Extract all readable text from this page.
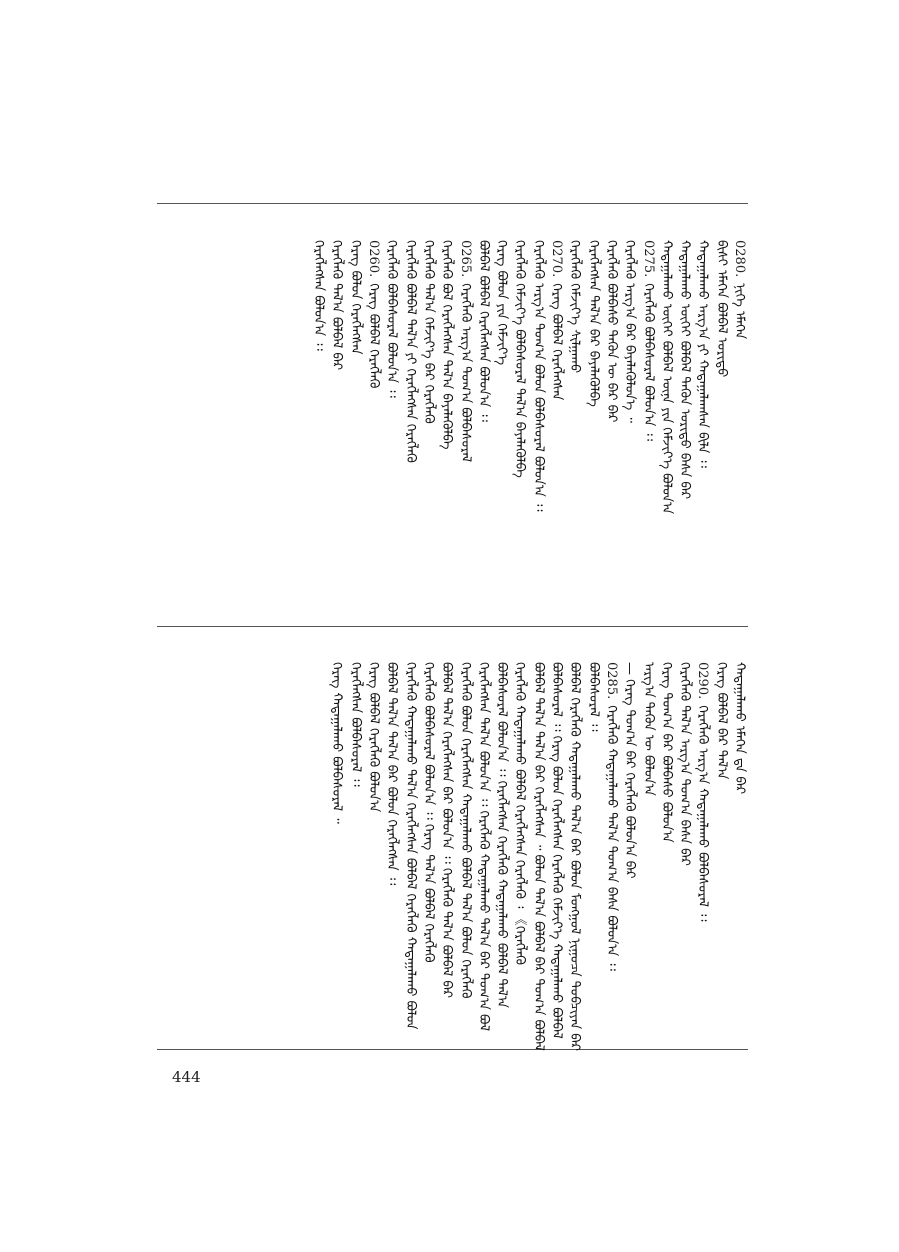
0280.ᠨᠢᠭᠡ ᠡᠮᠡᠭᠡᠨ
ᠪᠢᠰᠢ ᠡᠮᠡᠭᠡᠨ ᠪᠣᠯᠪᠠᠯ ᠤᠷᠢᠳᠤ
ᠬᠠᠳᠠᠭᠠᠯᠠᠬᠤ ᠠᠷᠭ᠎ᠠ ᠶᠢ ᠬᠠᠳᠠᠭᠠᠯᠠᠭᠰᠠᠨ ᠪᠢᠯᠡ ᠄᠄
ᠬᠠᠳᠠᠭᠠᠯᠠᠬᠤ ᠦᠭᠡᠢ ᠪᠣᠯᠪᠠᠯ ᠲᠡᠭᠦᠨ ᠤᠷᠢᠳᠤ ᠪᠠᠰᠠ ᠪᠡᠷ
ᠬᠠᠳᠠᠭᠠᠯᠠᠬᠤ ᠦᠭᠡᠢ ᠪᠣᠯᠪᠠᠯ ᠦᠨᠡ ᠶᠢᠨ ᠬᠡᠮᠵᠢᠶ᠎ᠡ ᠪᠣᠯᠤᠨ᠎ᠠ
0275.ᠬᠡᠷᠡᠭᠯᠡᠬᠦ ᠪᠣᠯᠪᠠᠰᠤᠷᠠᠯ ᠪᠣᠯᠤᠨ᠎ᠠ ᠄᠄
ᠬᠡᠷᠡᠭᠯᠡᠬᠦ ᠠᠷᠭ᠎ᠠ ᠪᠠᠷ ᠪᠡᠶᠡᠯᠡᠭᠦᠯᠦᠨ᠎ᠡ ᠃
ᠬᠡᠷᠡᠭᠯᠡᠬᠦ ᠪᠣᠯᠪᠠᠰᠤ ᠲᠡᠭᠦᠨ ᠦ ᠪᠠᠷ ᠪᠡᠷ
ᠬᠡᠷᠡᠭᠯᠡᠭᠰᠡᠨ ᠲᠠᠯ᠎ᠠ ᠪᠠᠷ ᠪᠡᠶᠡᠯᠡᠭᠦᠯᠪᠡ
ᠬᠡᠷᠡᠭᠯᠡᠬᠦ ᠬᠡᠮᠵᠢᠶ᠎ᠡ ᠰᠢᠯᠭᠠᠬᠤ
0270.ᠬᠡᠷᠡᠭ ᠪᠣᠯᠪᠠᠯ ᠬᠡᠷᠡᠭᠯᠡᠭᠰᠡᠨ
ᠬᠡᠷᠡᠭᠯᠡᠬᠦ ᠠᠷᠭ᠎ᠠ ᠲᠣᠭ᠎ᠠ ᠪᠣᠯᠤᠨ ᠪᠣᠯᠪᠠᠰᠤᠷᠠᠯ ᠪᠣᠯᠤᠨ᠎ᠠ ᠄᠄
ᠬᠡᠷᠡᠭᠯᠡᠬᠦ ᠬᠡᠮᠵᠢᠶ᠎ᠡ ᠪᠣᠯᠪᠠᠰᠤᠷᠠᠯ ᠲᠠᠯ᠎ᠠ ᠪᠡᠶᠡᠯᠡᠭᠦᠯᠪᠡ
ᠬᠡᠷᠡᠭ ᠪᠣᠯᠤᠨ ᠶᠢᠨ ᠬᠡᠮᠵᠢᠶ᠎ᠡ
ᠪᠣᠯᠪᠠᠯ ᠪᠣᠯᠪᠠᠯ ᠬᠡᠷᠡᠭᠯᠡᠭᠰᠡᠨ ᠪᠣᠯᠤᠨ᠎ᠠ ᠄᠄
0265.ᠬᠡᠷᠡᠭᠯᠡᠬᠦ ᠠᠷᠭ᠎ᠠ ᠲᠣᠭ᠎ᠠ ᠪᠣᠯᠪᠠᠰᠤᠷᠠᠯ
ᠬᠡᠷᠡᠭᠯᠡᠬᠦ ᠪᠣᠯ ᠬᠡᠷᠡᠭᠯᠡᠭᠰᠡᠨ ᠲᠠᠯ᠎ᠠ ᠪᠡᠶᠡᠯᠡᠭᠦᠯᠪᠡ
ᠬᠡᠷᠡᠭᠯᠡᠬᠦ ᠲᠠᠯ᠎ᠠ ᠬᠡᠮᠵᠢᠶ᠎ᠡ ᠪᠡᠷ ᠬᠡᠷᠡᠭᠯᠡᠬᠦ
ᠬᠡᠷᠡᠭᠯᠡᠬᠦ ᠪᠣᠯᠪᠠᠯ ᠲᠠᠯ᠎ᠠ ᠶᠢ ᠬᠡᠷᠡᠭᠯᠡᠭᠰᠡᠨ ᠬᠡᠷᠡᠭᠯᠡᠬᠦ
ᠬᠡᠷᠡᠭᠯᠡᠬᠦ ᠪᠣᠯᠪᠠᠰᠤᠷᠠᠯ ᠪᠣᠯᠤᠨ᠎ᠠ ᠄᠄
0260.ᠬᠡᠷᠡᠭ ᠪᠣᠯᠪᠠᠯ ᠬᠡᠷᠡᠭᠯᠡᠬᠦ
ᠬᠡᠷᠡᠭ ᠪᠣᠯᠤᠨ ᠬᠡᠷᠡᠭᠯᠡᠭᠰᠡᠨ
ᠬᠡᠷᠡᠭᠯᠡᠬᠦ ᠲᠠᠯ᠎ᠠ ᠪᠣᠯᠪᠠᠯ ᠪᠡᠷ
ᠬᠡᠷᠡᠭᠯᠡᠭᠰᠡᠨ ᠪᠣᠯᠤᠨ᠎ᠠ ᠄᠄
ᠬᠠᠳᠠᠭᠠᠯᠠᠬᠤ ᠡᠮᠡᠭᠡᠨ ᠳᠠ ᠪᠡᠷ
ᠬᠡᠷᠡᠭ ᠪᠣᠯᠪᠠᠯ ᠪᠡᠷ ᠲᠠᠯ᠎ᠠ
0290.ᠬᠡᠷᠡᠭᠯᠡᠬᠦ ᠠᠷᠭ᠎ᠠ ᠬᠠᠳᠠᠭᠠᠯᠠᠬᠤ ᠪᠣᠯᠪᠠᠰᠤᠷᠠᠯ ᠄᠄
ᠬᠡᠷᠡᠭᠯᠡᠬᠦ ᠲᠠᠯ᠎ᠠ ᠠᠷᠭ᠎ᠠ ᠲᠣᠭ᠎ᠠ ᠪᠠᠰᠠ ᠪᠡᠷ
ᠬᠡᠷᠡᠭ ᠲᠣᠭ᠎ᠠ ᠪᠡᠷ ᠪᠣᠯᠪᠠᠰᠤ ᠪᠣᠯᠤᠨ᠎ᠠ
ᠠᠷᠭ᠎ᠠ ᠲᠡᠭᠦᠨ ᠦ ᠪᠣᠯᠤᠨ᠎ᠠ
— ᠬᠡᠷᠡᠭ ᠲᠣᠭ᠎ᠠ ᠪᠡᠷ ᠬᠡᠷᠡᠭᠯᠡᠬᠦ ᠪᠣᠯᠤᠨ᠎ᠠ ᠪᠡᠷ
0285.ᠬᠡᠷᠡᠭᠯᠡᠬᠦ ᠬᠠᠳᠠᠭᠠᠯᠠᠬᠤ ᠲᠠᠯ᠎ᠠ ᠲᠣᠭ᠎ᠠ ᠪᠠᠰᠠ ᠪᠣᠯᠤᠨ᠎ᠠ ᠄᠄
ᠪᠣᠯᠪᠠᠰᠤᠷᠠᠯ ᠄᠄
ᠪᠣᠯᠪᠠᠯ ᠬᠡᠷᠡᠭᠯᠡᠬᠦ ᠬᠠᠳᠠᠭᠠᠯᠠᠬᠤ ᠲᠠᠯ᠎ᠠ ᠪᠠᠷ ᠪᠣᠯᠤᠨ ᠮᠣᠩᠭᠣᠯ ᠨᠢᠭᠤᠴᠠ ᠲᠣᠪᠴᠢᠶᠠᠨ ᠪᠡᠷ
ᠪᠣᠯᠪᠠᠰᠤᠷᠠᠯ ᠄᠄ ᠬᠡᠷᠡᠭ ᠪᠣᠯᠤᠨ ᠬᠡᠷᠡᠭᠯᠡᠭᠰᠡᠨ ᠬᠡᠷᠡᠭᠯᠡᠬᠦ ᠬᠡᠮᠵᠢᠶ᠎ᠡ ᠬᠠᠳᠠᠭᠠᠯᠠᠬᠤ ᠪᠣᠯᠪᠠᠯ
ᠪᠣᠯᠪᠠᠯ ᠲᠠᠯ᠎ᠠ ᠲᠠᠯ᠎ᠠ ᠪᠡᠷ ᠬᠡᠷᠡᠭᠯᠡᠭᠰᠡᠨ ᠃ ᠪᠣᠯᠤᠨ ᠲᠠᠯ᠎ᠠ ᠪᠣᠯᠪᠠᠯ ᠪᠡᠷ ᠲᠣᠭ᠎ᠠ ᠪᠣᠯᠪᠠᠯ
ᠬᠡᠷᠡᠭᠯᠡᠬᠦ ᠬᠠᠳᠠᠭᠠᠯᠠᠬᠤ ᠪᠣᠯᠪᠠᠯ ᠬᠡᠷᠡᠭᠯᠡᠭᠰᠡᠨ ᠬᠡᠷᠡᠭᠯᠡᠬᠦ ᠄ 《ᠬᠡᠷᠡᠭᠯᠡᠬᠦ
ᠪᠣᠯᠪᠠᠰᠤᠷᠠᠯ ᠪᠣᠯᠤᠨ᠎ᠠ ᠄᠄ ᠬᠡᠷᠡᠭᠯᠡᠭᠰᠡᠨ ᠬᠡᠷᠡᠭᠯᠡᠬᠦ ᠬᠠᠳᠠᠭᠠᠯᠠᠬᠤ ᠪᠣᠯᠪᠠᠯ ᠲᠠᠯ᠎ᠠ
ᠬᠡᠷᠡᠭᠯᠡᠭᠰᠡᠨ ᠲᠠᠯ᠎ᠠ ᠪᠣᠯᠤᠨ᠎ᠠ ᠄᠄ ᠬᠡᠷᠡᠭᠯᠡᠬᠦ ᠬᠠᠳᠠᠭᠠᠯᠠᠬᠤ ᠲᠠᠯ᠎ᠠ ᠪᠡᠷ ᠲᠣᠭ᠎ᠠ ᠪᠣᠯ
ᠬᠡᠷᠡᠭᠯᠡᠬᠦ ᠪᠣᠯᠤᠨ ᠬᠡᠷᠡᠭᠯᠡᠭᠰᠡᠨ ᠬᠠᠳᠠᠭᠠᠯᠠᠬᠤ ᠪᠣᠯᠪᠠᠯ ᠲᠠᠯ᠎ᠠ ᠪᠣᠯᠤᠨ ᠬᠡᠷᠡᠭᠯᠡᠬᠦ
ᠪᠣᠯᠪᠠᠯ ᠲᠠᠯ᠎ᠠ ᠬᠡᠷᠡᠭᠯᠡᠭᠰᠡᠨ ᠪᠡᠷ ᠪᠣᠯᠤᠨ᠎ᠠ ᠄᠄ ᠬᠡᠷᠡᠭᠯᠡᠬᠦ ᠲᠠᠯ᠎ᠠ ᠪᠣᠯᠪᠠᠯ ᠪᠡᠷ
ᠬᠡᠷᠡᠭᠯᠡᠬᠦ ᠪᠣᠯᠪᠠᠰᠤᠷᠠᠯ ᠪᠣᠯᠤᠨ᠎ᠠ ᠄᠄ ᠬᠡᠷᠡᠭ ᠲᠠᠯ᠎ᠠ ᠪᠣᠯᠪᠠᠯ ᠬᠡᠷᠡᠭᠯᠡᠬᠦ
ᠬᠡᠷᠡᠭᠯᠡᠬᠦ ᠬᠠᠳᠠᠭᠠᠯᠠᠬᠤ ᠲᠠᠯ᠎ᠠ ᠬᠡᠷᠡᠭᠯᠡᠭᠰᠡᠨ ᠪᠣᠯᠪᠠᠯ ᠬᠡᠷᠡᠭᠯᠡᠬᠦ ᠬᠠᠳᠠᠭᠠᠯᠠᠬᠤ ᠪᠣᠯᠤᠨ
ᠪᠣᠯᠪᠠᠯ ᠲᠠᠯ᠎ᠠ ᠲᠠᠯ᠎ᠠ ᠪᠡᠷ ᠪᠣᠯᠤᠨ ᠬᠡᠷᠡᠭᠯᠡᠭᠰᠡᠨ ᠄᠄
ᠬᠡᠷᠡᠭ ᠪᠣᠯᠪᠠᠯ ᠬᠡᠷᠡᠭᠯᠡᠬᠦ ᠪᠣᠯᠤᠨ᠎ᠠ
ᠬᠡᠷᠡᠭᠯᠡᠭᠰᠡᠨ ᠪᠣᠯᠪᠠᠰᠤᠷᠠᠯ ᠄᠄
ᠬᠡᠷᠡᠭ ᠬᠠᠳᠠᠭᠠᠯᠠᠬᠤ ᠪᠣᠯᠪᠠᠰᠤᠷᠠᠯ ᠃
444
